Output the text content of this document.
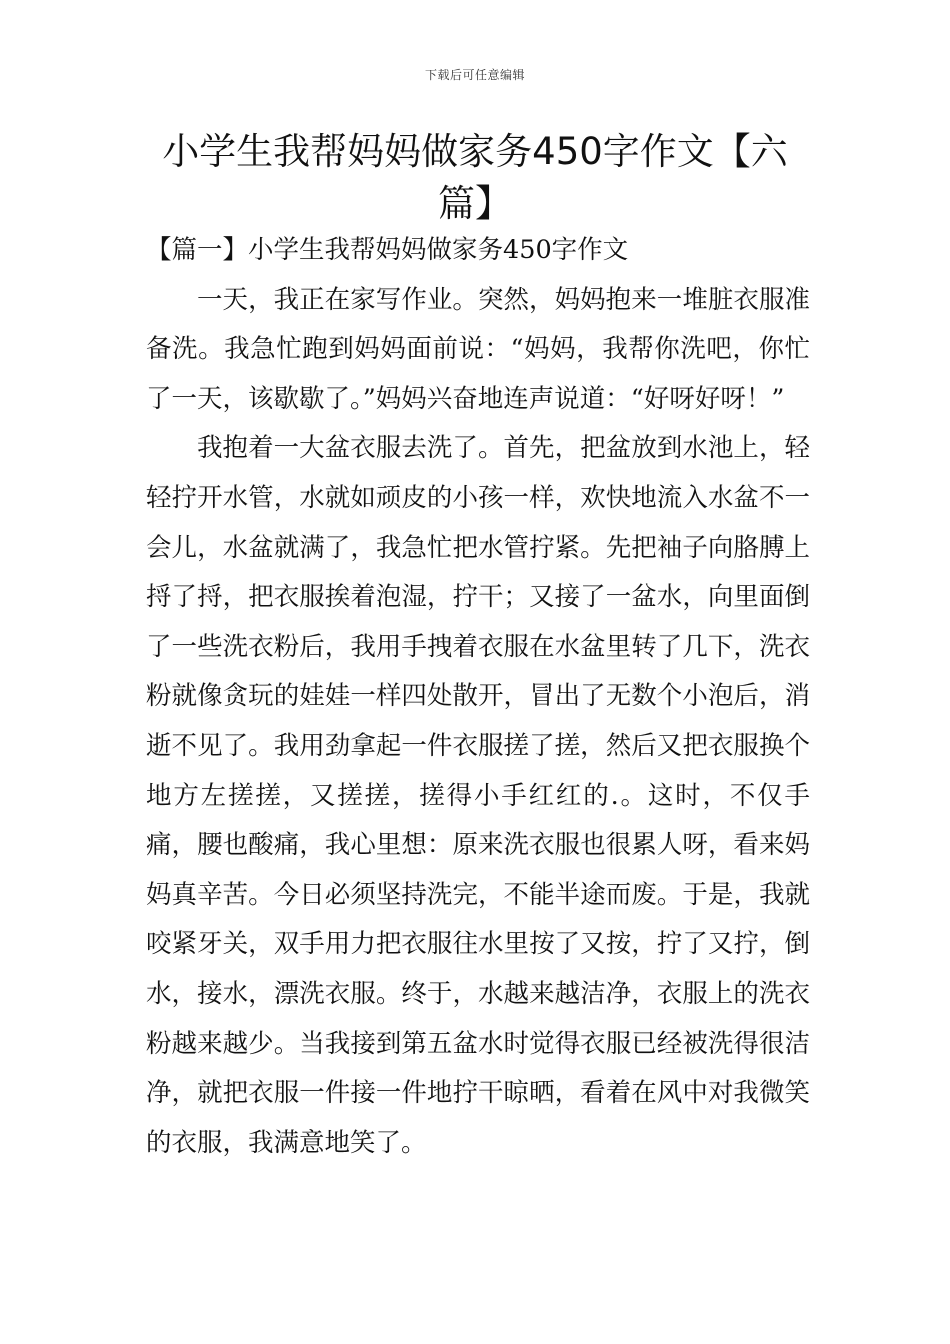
下载后可任意编辑
小学生我帮妈妈做家务450字作文【六篇】
【篇一】小学生我帮妈妈做家务450字作文

一天，我正在家写作业。突然，妈妈抱来一堆脏衣服准备洗。我急忙跑到妈妈面前说：“妈妈，我帮你洗吧，你忙了一天，该歇歇了。”妈妈兴奋地连声说道：“好呀好呀！”

我抱着一大盆衣服去洗了。首先，把盆放到水池上，轻轻拧开水管，水就如顽皮的小孩一样，欢快地流入水盆不一会儿，水盆就满了，我急忙把水管拧紧。先把袖子向胳膊上捋了捋，把衣服挨着泡湿，拧干；又接了一盆水，向里面倒了一些洗衣粉后，我用手拽着衣服在水盆里转了几下，洗衣粉就像贪玩的娃娃一样四处散开，冒出了无数个小泡后，消逝不见了。我用劲拿起一件衣服搓了搓，然后又把衣服换个地方左搓搓，又搓搓，搓得小手红红的.。这时，不仅手痛，腰也酸痛，我心里想：原来洗衣服也很累人呀，看来妈妈真辛苦。今日必须坚持洗完，不能半途而废。于是，我就咬紧牙关，双手用力把衣服往水里按了又按，拧了又拧，倒水，接水，漂洗衣服。终于，水越来越洁净，衣服上的洗衣粉越来越少。当我接到第五盆水时觉得衣服已经被洗得很洁净，就把衣服一件接一件地拧干晾晒，看着在风中对我微笑的衣服，我满意地笑了。
